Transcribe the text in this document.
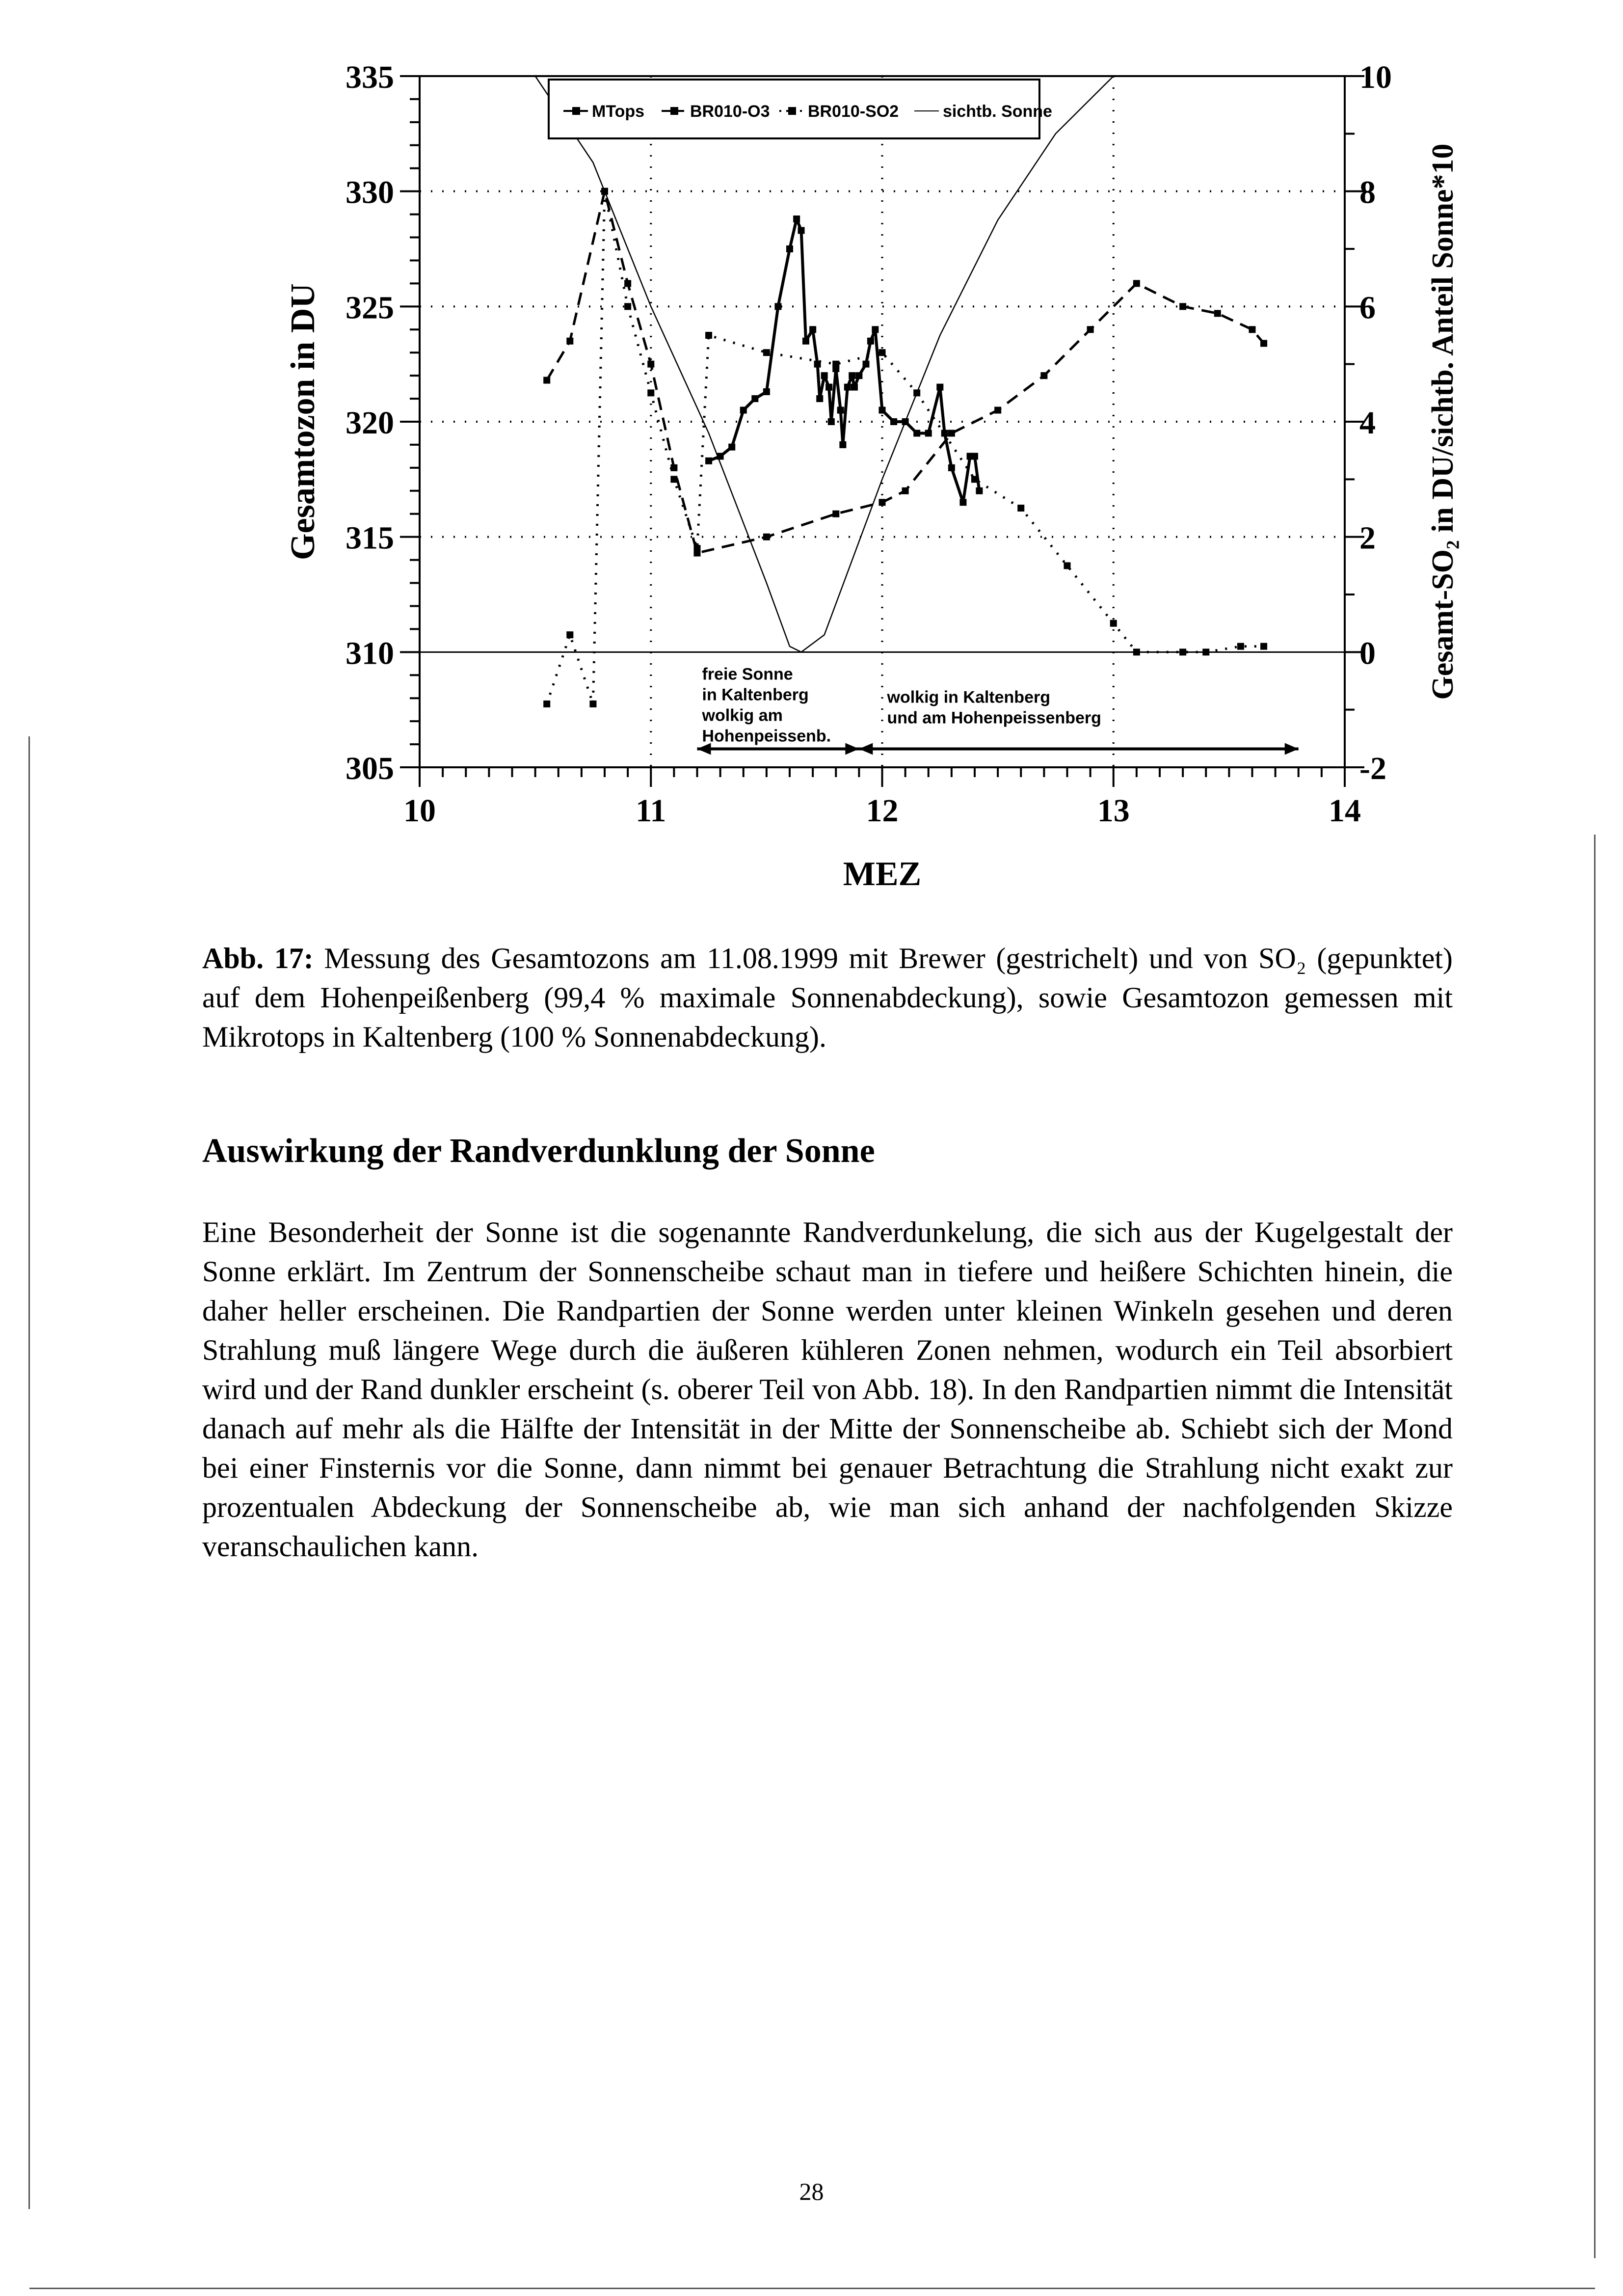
305
310
315
320
325
330
335
-2
0
2
4
6
8
10
10	11	12	13	14
MEZ
Gesamtozon in DU	Gesamt-SO₂ in DU/sichtb. Anteil Sonne*10
MTops	BR010-O3 BR010-SO2	sichtb. Sonne
freie Sonne
in Kaltenberg
wolkig am
Hohenpeissenb.
wolkig in Kaltenberg
und am Hohenpeissenberg
Abb. 17: Messung des Gesamtozons am 11.08.1999 mit Brewer (gestrichelt) und von SO₂ (gepunktet) auf dem Hohenpeißenberg (99,4 % maximale Sonnenabdeckung), sowie Gesamtozon gemessen mit Mikrotops in Kaltenberg (100 % Sonnenabdeckung).
Auswirkung der Randverdunklung der Sonne

Eine Besonderheit der Sonne ist die sogenannte Randverdunkelung, die sich aus der Kugelgestalt der Sonne erklärt. Im Zentrum der Sonnenscheibe schaut man in tiefere und heißere Schichten hinein, die daher heller erscheinen. Die Randpartien der Sonne werden unter kleinen Winkeln gesehen und deren Strahlung muß längere Wege durch die äußeren kühleren Zonen nehmen, wodurch ein Teil absorbiert wird und der Rand dunkler erscheint (s. oberer Teil von Abb. 18). In den Randpartien nimmt die Intensität danach auf mehr als die Hälfte der Intensität in der Mitte der Sonnenscheibe ab. Schiebt sich der Mond bei einer Finsternis vor die Sonne, dann nimmt bei genauer Betrachtung die Strahlung nicht exakt zur prozentualen Abdeckung der Sonnenscheibe ab, wie man sich anhand der nachfolgenden Skizze veranschaulichen kann.

28
